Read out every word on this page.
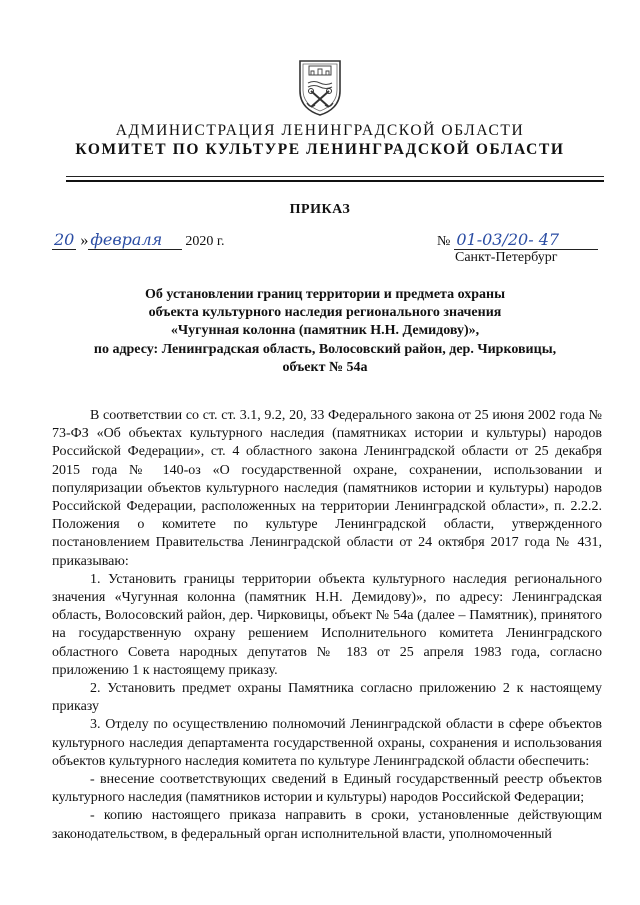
АДМИНИСТРАЦИЯ ЛЕНИНГРАДСКОЙ ОБЛАСТИ
КОМИТЕТ ПО КУЛЬТУРЕ ЛЕНИНГРАДСКОЙ ОБЛАСТИ
ПРИКАЗ
20 » февраля	2020 г.	№ 01-03/20- 47
Санкт-Петербург
Об установлении границ территории и предмета охраны
объекта культурного наследия регионального значения
«Чугунная колонна (памятник Н.Н. Демидову)»,
по адресу: Ленинградская область, Волосовский район, дер. Чирковицы,
объект № 54а

В соответствии со ст. ст. 3.1, 9.2, 20, 33 Федерального закона от 25 июня 2002 года № 73-ФЗ «Об объектах культурного наследия (памятниках истории и культуры) народов Российской Федерации», ст. 4 областного закона Ленинградской области от 25 декабря 2015 года № 140-оз «О государственной охране, сохранении, использовании и популяризации объектов культурного наследия (памятников истории и культуры) народов Российской Федерации, расположенных на территории Ленинградской области», п. 2.2.2. Положения о комитете по культуре Ленинградской области, утвержденного постановлением Правительства Ленинградской области от 24 октября 2017 года № 431, приказываю:

1. Установить границы территории объекта культурного наследия регионального значения «Чугунная колонна (памятник Н.Н. Демидову)», по адресу: Ленинградская область, Волосовский район, дер. Чирковицы, объект № 54а (далее – Памятник), принятого на государственную охрану решением Исполнительного комитета Ленинградского областного Совета народных депутатов № 183 от 25 апреля 1983 года, согласно приложению 1 к настоящему приказу.

2. Установить предмет охраны Памятника согласно приложению 2 к настоящему приказу

3. Отделу по осуществлению полномочий Ленинградской области в сфере объектов культурного наследия департамента государственной охраны, сохранения и использования объектов культурного наследия комитета по культуре Ленинградской области обеспечить:

- внесение соответствующих сведений в Единый государственный реестр объектов культурного наследия (памятников истории и культуры) народов Российской Федерации;

- копию настоящего приказа направить в сроки, установленные действующим законодательством, в федеральный орган исполнительной власти, уполномоченный
